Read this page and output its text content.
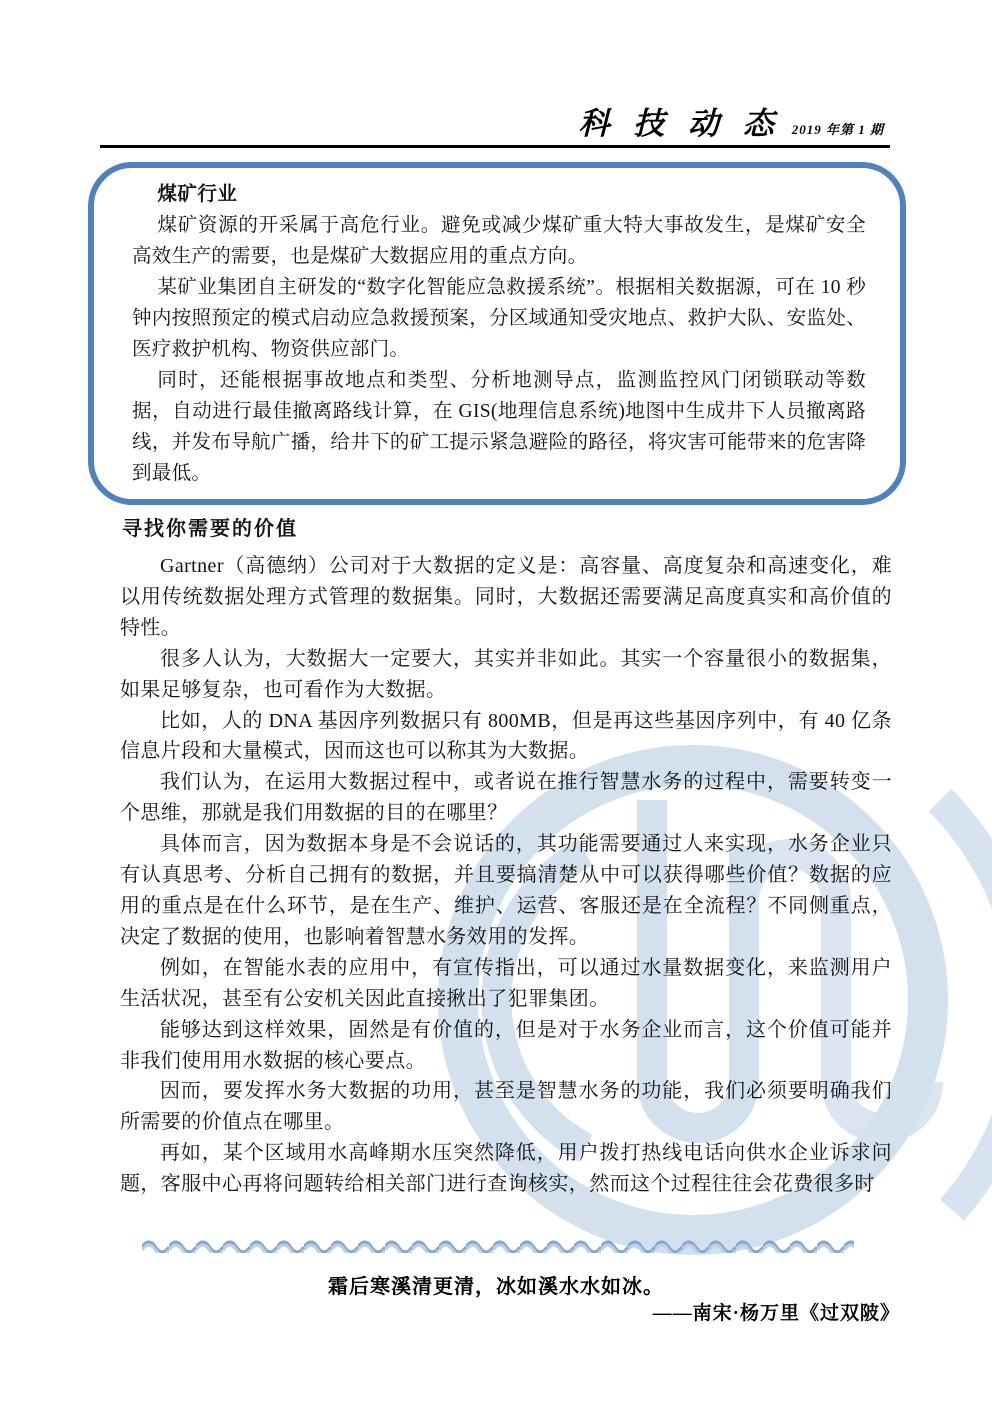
科 技 动 态 2019 年第 1 期
煤矿行业

煤矿资源的开采属于高危行业。避免或减少煤矿重大特大事故发生，是煤矿安全高效生产的需要，也是煤矿大数据应用的重点方向。

某矿业集团自主研发的“数字化智能应急救援系统”。根据相关数据源，可在 10 秒钟内按照预定的模式启动应急救援预案，分区域通知受灾地点、救护大队、安监处、医疗救护机构、物资供应部门。

同时，还能根据事故地点和类型、分析地测导点，监测监控风门闭锁联动等数据，自动进行最佳撤离路线计算，在 GIS(地理信息系统)地图中生成井下人员撤离路线，并发布导航广播，给井下的矿工提示紧急避险的路径，将灾害可能带来的危害降到最低。

寻找你需要的价值

Gartner（高德纳）公司对于大数据的定义是：高容量、高度复杂和高速变化，难以用传统数据处理方式管理的数据集。同时，大数据还需要满足高度真实和高价值的特性。

很多人认为，大数据大一定要大，其实并非如此。其实一个容量很小的数据集，如果足够复杂，也可看作为大数据。

比如，人的 DNA 基因序列数据只有 800MB，但是再这些基因序列中，有 40 亿条信息片段和大量模式，因而这也可以称其为大数据。

我们认为，在运用大数据过程中，或者说在推行智慧水务的过程中，需要转变一个思维，那就是我们用数据的目的在哪里？

具体而言，因为数据本身是不会说话的，其功能需要通过人来实现，水务企业只有认真思考、分析自己拥有的数据，并且要搞清楚从中可以获得哪些价值？数据的应用的重点是在什么环节，是在生产、维护、运营、客服还是在全流程？不同侧重点，决定了数据的使用，也影响着智慧水务效用的发挥。

例如，在智能水表的应用中，有宣传指出，可以通过水量数据变化，来监测用户生活状况，甚至有公安机关因此直接揪出了犯罪集团。

能够达到这样效果，固然是有价值的，但是对于水务企业而言，这个价值可能并非我们使用用水数据的核心要点。

因而，要发挥水务大数据的功用，甚至是智慧水务的功能，我们必须要明确我们所需要的价值点在哪里。

再如，某个区域用水高峰期水压突然降低，用户拨打热线电话向供水企业诉求问题，客服中心再将问题转给相关部门进行查询核实，然而这个过程往往会花费很多时

霜后寒溪清更清，冰如溪水水如冰。

——南宋·杨万里《过双陂》
